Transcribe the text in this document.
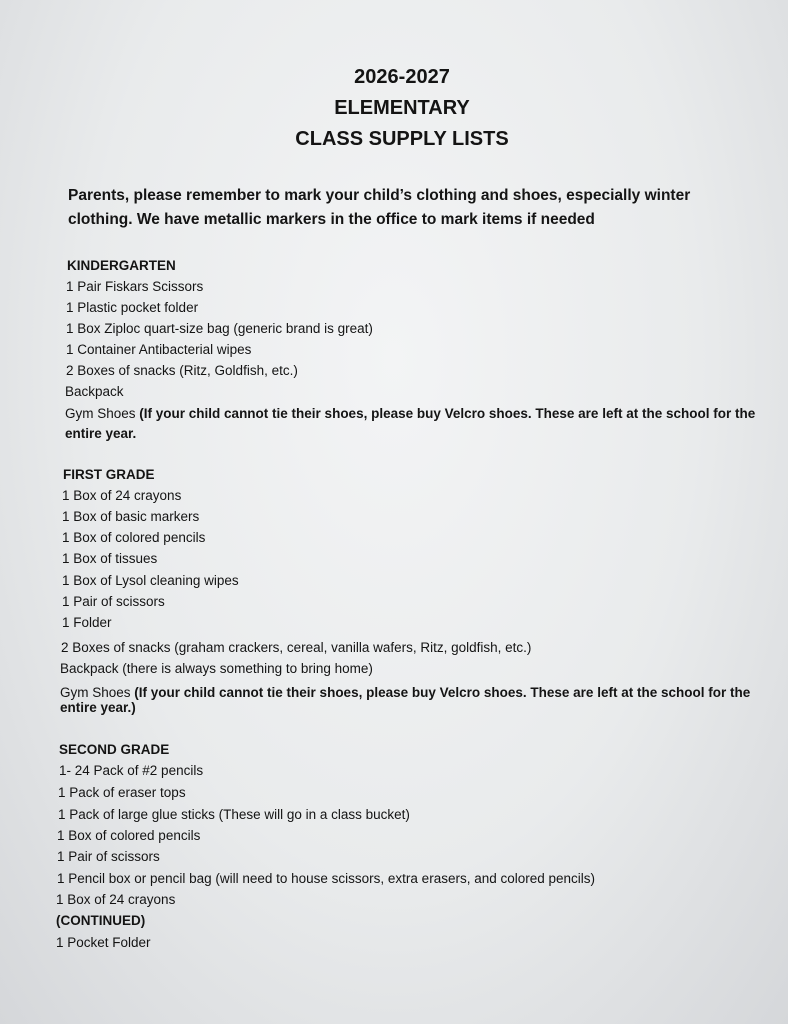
2026-2027
ELEMENTARY
CLASS SUPPLY LISTS
Parents, please remember to mark your child’s clothing and shoes, especially winter
clothing. We have metallic markers in the office to mark items if needed
KINDERGARTEN
1 Pair Fiskars Scissors
1 Plastic pocket folder
1 Box Ziploc quart-size bag (generic brand is great)
1 Container Antibacterial wipes
2 Boxes of snacks (Ritz, Goldfish, etc.)
Backpack
Gym Shoes (If your child cannot tie their shoes, please buy Velcro shoes. These are left at the school for the
entire year.
FIRST GRADE
1 Box of 24 crayons
1 Box of basic markers
1 Box of colored pencils
1 Box of tissues
1 Box of Lysol cleaning wipes
1 Pair of scissors
1 Folder
2 Boxes of snacks (graham crackers, cereal, vanilla wafers, Ritz, goldfish, etc.)
Backpack (there is always something to bring home)
Gym Shoes (If your child cannot tie their shoes, please buy Velcro shoes. These are left at the school for the
entire year.)
SECOND GRADE
1- 24 Pack of #2 pencils
1 Pack of eraser tops
1 Pack of large glue sticks (These will go in a class bucket)
1 Box of colored pencils
1 Pair of scissors
1 Pencil box or pencil bag (will need to house scissors, extra erasers, and colored pencils)
1 Box of 24 crayons
(CONTINUED)
1 Pocket Folder
